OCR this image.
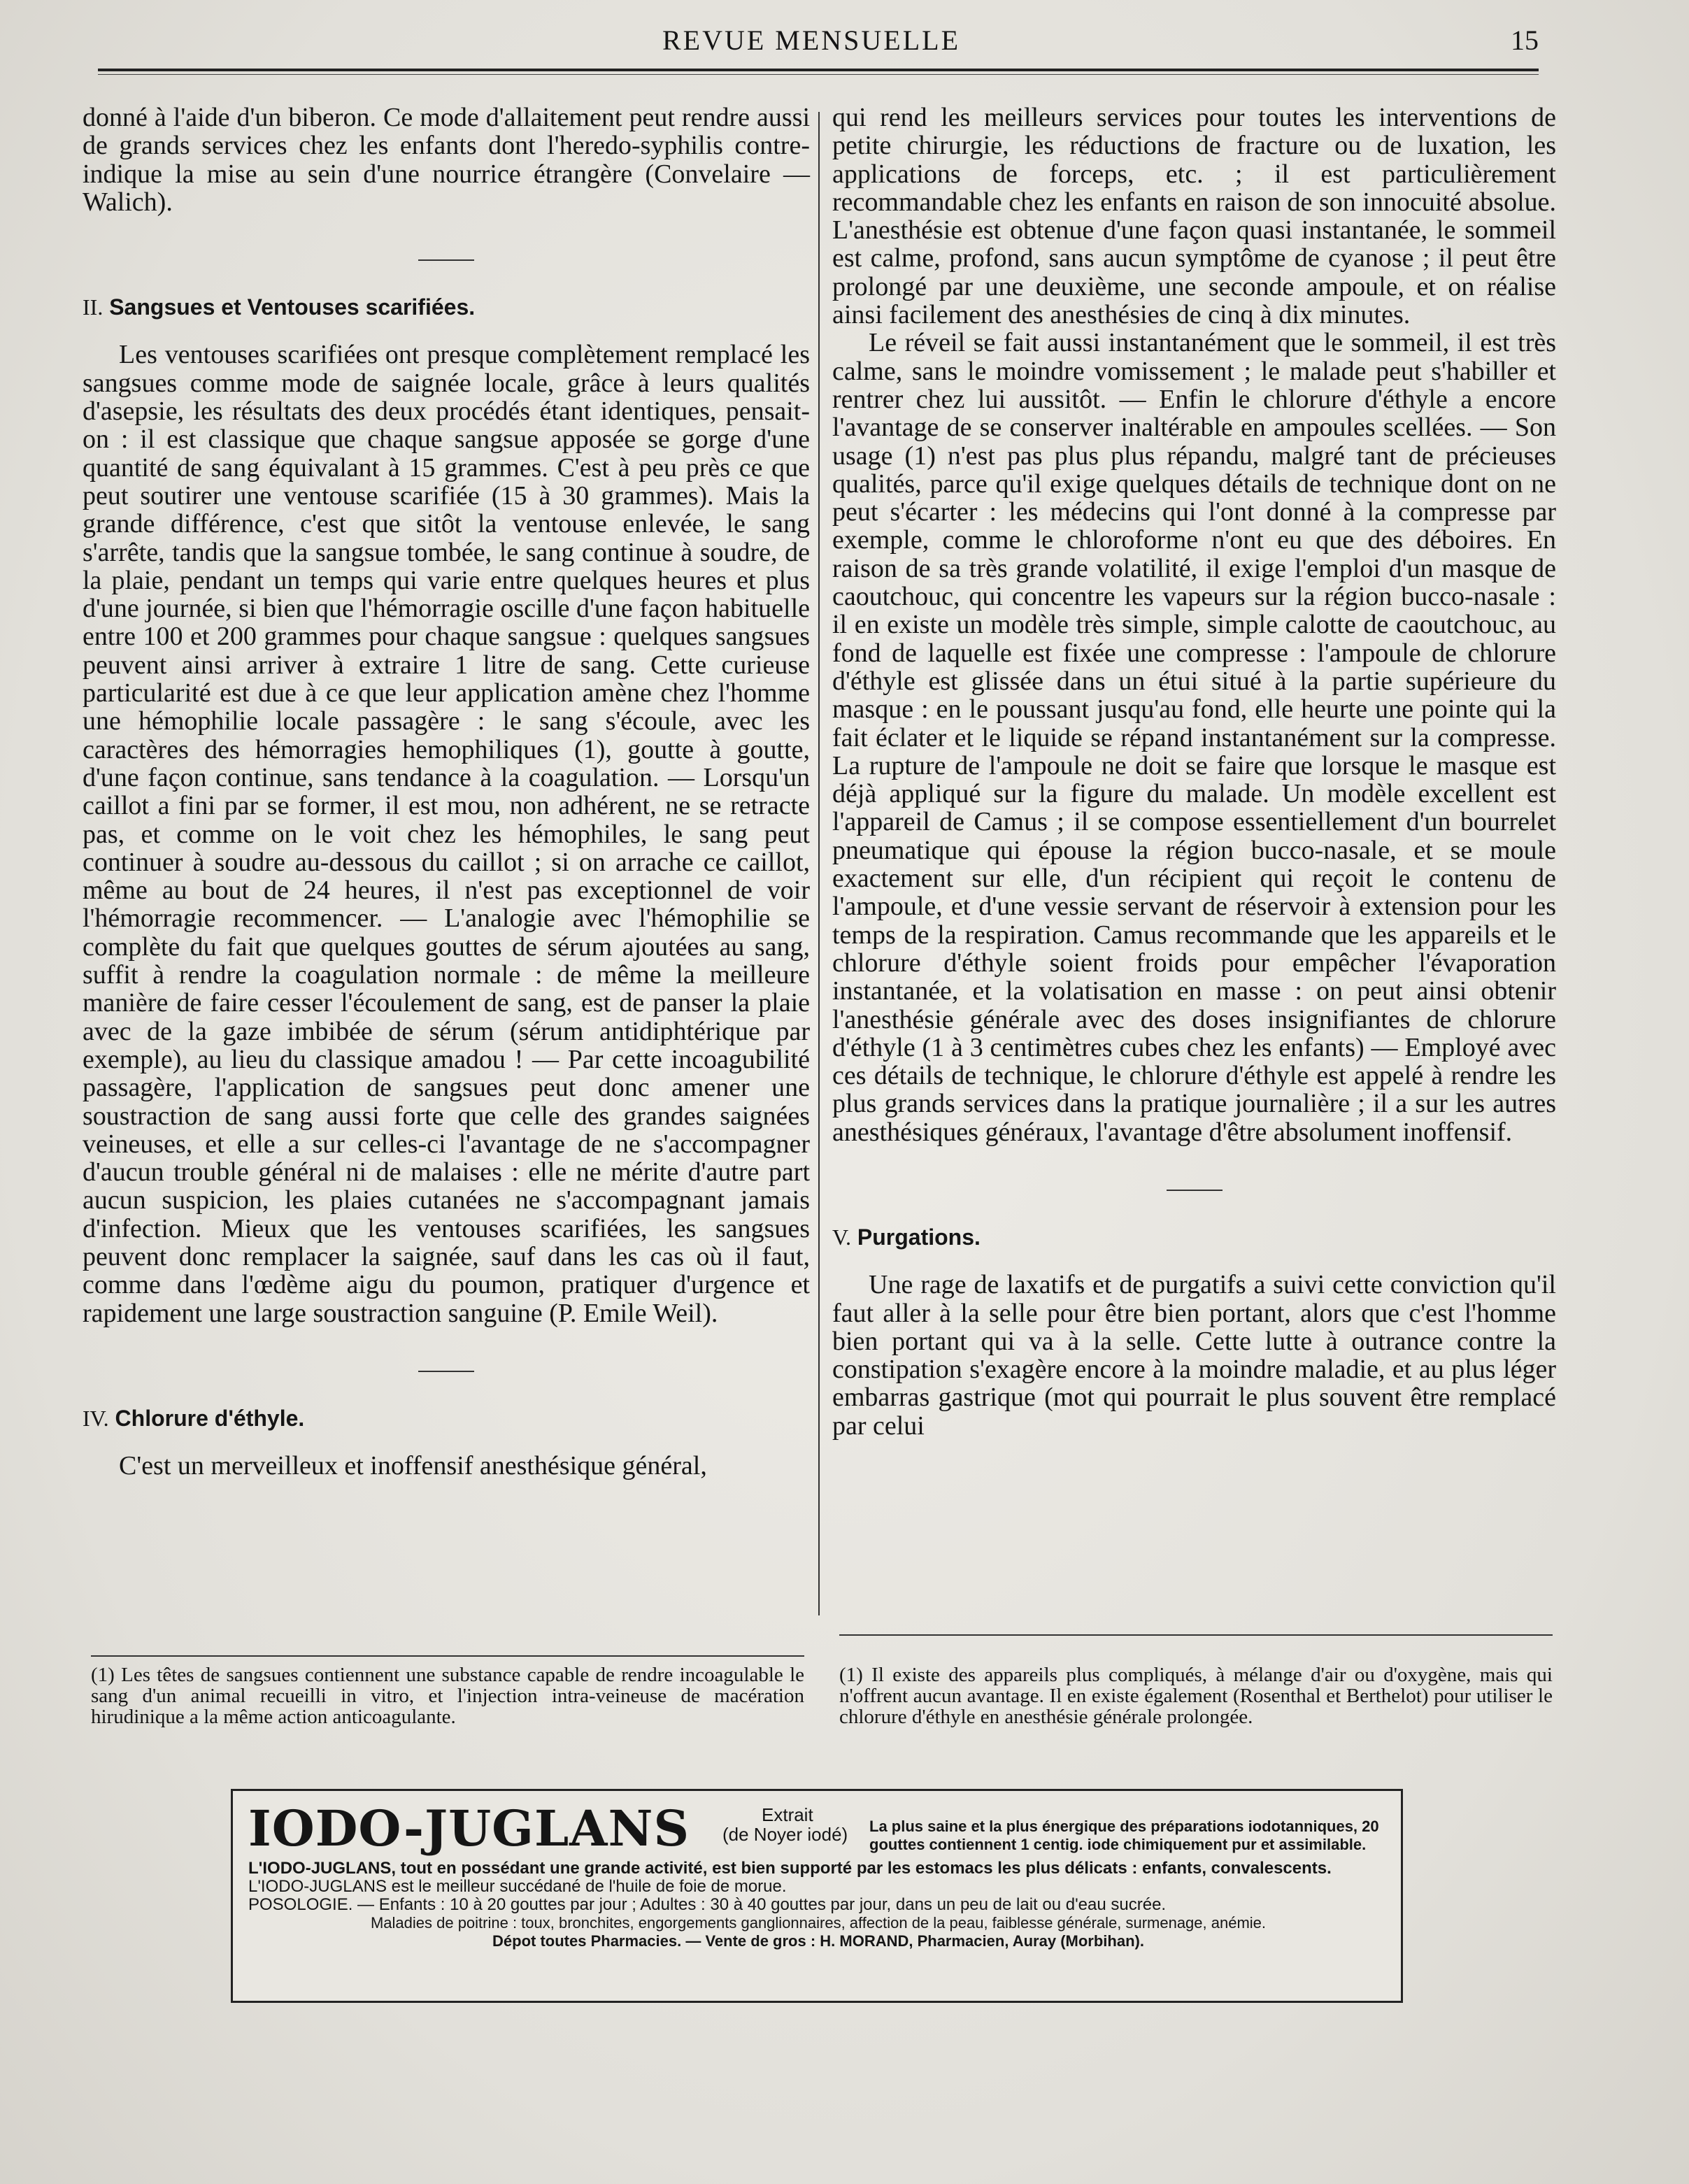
REVUE MENSUELLE	15

donné à l'aide d'un biberon. Ce mode d'allaitement peut rendre aussi de grands services chez les enfants dont l'heredo-syphilis contre-indique la mise au sein d'une nourrice étrangère (Convelaire — Walich).

II. Sangsues et Ventouses scarifiées.

Les ventouses scarifiées ont presque complètement remplacé les sangsues comme mode de saignée locale, grâce à leurs qualités d'asepsie, les résultats des deux procédés étant identiques, pensait-on : il est classique que chaque sangsue apposée se gorge d'une quantité de sang équivalant à 15 grammes. C'est à peu près ce que peut soutirer une ventouse scarifiée (15 à 30 grammes). Mais la grande différence, c'est que sitôt la ventouse enlevée, le sang s'arrête, tandis que la sangsue tombée, le sang continue à soudre, de la plaie, pendant un temps qui varie entre quelques heures et plus d'une journée, si bien que l'hémorragie oscille d'une façon habituelle entre 100 et 200 grammes pour chaque sangsue : quelques sangsues peuvent ainsi arriver à extraire 1 litre de sang. Cette curieuse particularité est due à ce que leur application amène chez l'homme une hémophilie locale passagère : le sang s'écoule, avec les caractères des hémorragies hemophiliques (1), goutte à goutte, d'une façon continue, sans tendance à la coagulation. — Lorsqu'un caillot a fini par se former, il est mou, non adhérent, ne se retracte pas, et comme on le voit chez les hémophiles, le sang peut continuer à soudre au-dessous du caillot ; si on arrache ce caillot, même au bout de 24 heures, il n'est pas exceptionnel de voir l'hémorragie recommencer. — L'analogie avec l'hémophilie se complète du fait que quelques gouttes de sérum ajoutées au sang, suffit à rendre la coagulation normale : de même la meilleure manière de faire cesser l'écoulement de sang, est de panser la plaie avec de la gaze imbibée de sérum (sérum antidiphtérique par exemple), au lieu du classique amadou ! — Par cette incoagubilité passagère, l'application de sangsues peut donc amener une soustraction de sang aussi forte que celle des grandes saignées veineuses, et elle a sur celles-ci l'avantage de ne s'accompagner d'aucun trouble général ni de malaises : elle ne mérite d'autre part aucun suspicion, les plaies cutanées ne s'accompagnant jamais d'infection. Mieux que les ventouses scarifiées, les sangsues peuvent donc remplacer la saignée, sauf dans les cas où il faut, comme dans l'œdème aigu du poumon, pratiquer d'urgence et rapidement une large soustraction sanguine (P. Emile Weil).

IV. Chlorure d'éthyle.

C'est un merveilleux et inoffensif anesthésique général,

qui rend les meilleurs services pour toutes les interventions de petite chirurgie, les réductions de fracture ou de luxation, les applications de forceps, etc. ; il est particulièrement recommandable chez les enfants en raison de son innocuité absolue. L'anesthésie est obtenue d'une façon quasi instantanée, le sommeil est calme, profond, sans aucun symptôme de cyanose ; il peut être prolongé par une deuxième, une seconde ampoule, et on réalise ainsi facilement des anesthésies de cinq à dix minutes.

Le réveil se fait aussi instantanément que le sommeil, il est très calme, sans le moindre vomissement ; le malade peut s'habiller et rentrer chez lui aussitôt. — Enfin le chlorure d'éthyle a encore l'avantage de se conserver inaltérable en ampoules scellées. — Son usage (1) n'est pas plus plus répandu, malgré tant de précieuses qualités, parce qu'il exige quelques détails de technique dont on ne peut s'écarter : les médecins qui l'ont donné à la compresse par exemple, comme le chloroforme n'ont eu que des déboires. En raison de sa très grande volatilité, il exige l'emploi d'un masque de caoutchouc, qui concentre les vapeurs sur la région bucco-nasale : il en existe un modèle très simple, simple calotte de caoutchouc, au fond de laquelle est fixée une compresse : l'ampoule de chlorure d'éthyle est glissée dans un étui situé à la partie supérieure du masque : en le poussant jusqu'au fond, elle heurte une pointe qui la fait éclater et le liquide se répand instantanément sur la compresse. La rupture de l'ampoule ne doit se faire que lorsque le masque est déjà appliqué sur la figure du malade. Un modèle excellent est l'appareil de Camus ; il se compose essentiellement d'un bourrelet pneumatique qui épouse la région bucco-nasale, et se moule exactement sur elle, d'un récipient qui reçoit le contenu de l'ampoule, et d'une vessie servant de réservoir à extension pour les temps de la respiration. Camus recommande que les appareils et le chlorure d'éthyle soient froids pour empêcher l'évaporation instantanée, et la volatisation en masse : on peut ainsi obtenir l'anesthésie générale avec des doses insignifiantes de chlorure d'éthyle (1 à 3 centimètres cubes chez les enfants) — Employé avec ces détails de technique, le chlorure d'éthyle est appelé à rendre les plus grands services dans la pratique journalière ; il a sur les autres anesthésiques généraux, l'avantage d'être absolument inoffensif.

V. Purgations.

Une rage de laxatifs et de purgatifs a suivi cette conviction qu'il faut aller à la selle pour être bien portant, alors que c'est l'homme bien portant qui va à la selle. Cette lutte à outrance contre la constipation s'exagère encore à la moindre maladie, et au plus léger embarras gastrique (mot qui pourrait le plus souvent être remplacé par celui

(1) Les têtes de sangsues contiennent une substance capable de rendre incoagulable le sang d'un animal recueilli in vitro, et l'injection intra-veineuse de macération hirudinique a la même action anticoagulante.
(1) Il existe des appareils plus compliqués, à mélange d'air ou d'oxygène, mais qui n'offrent aucun avantage. Il en existe également (Rosenthal et Berthelot) pour utiliser le chlorure d'éthyle en anesthésie générale prolongée.
IODO-JUGLANS	Extrait
(de Noyer iodé) La plus saine et la plus énergique des préparations iodotanniques, 20 gouttes contiennent 1 centig. iode chimiquement pur et assimilable.

L'IODO-JUGLANS, tout en possédant une grande activité, est bien supporté par les estomacs les plus délicats : enfants, convalescents.

L'IODO-JUGLANS est le meilleur succédané de l'huile de foie de morue.

POSOLOGIE. — Enfants : 10 à 20 gouttes par jour ; Adultes : 30 à 40 gouttes par jour, dans un peu de lait ou d'eau sucrée.

Maladies de poitrine : toux, bronchites, engorgements ganglionnaires, affection de la peau, faiblesse générale, surmenage, anémie.

Dépot toutes Pharmacies. — Vente de gros : H. MORAND, Pharmacien, Auray (Morbihan).
